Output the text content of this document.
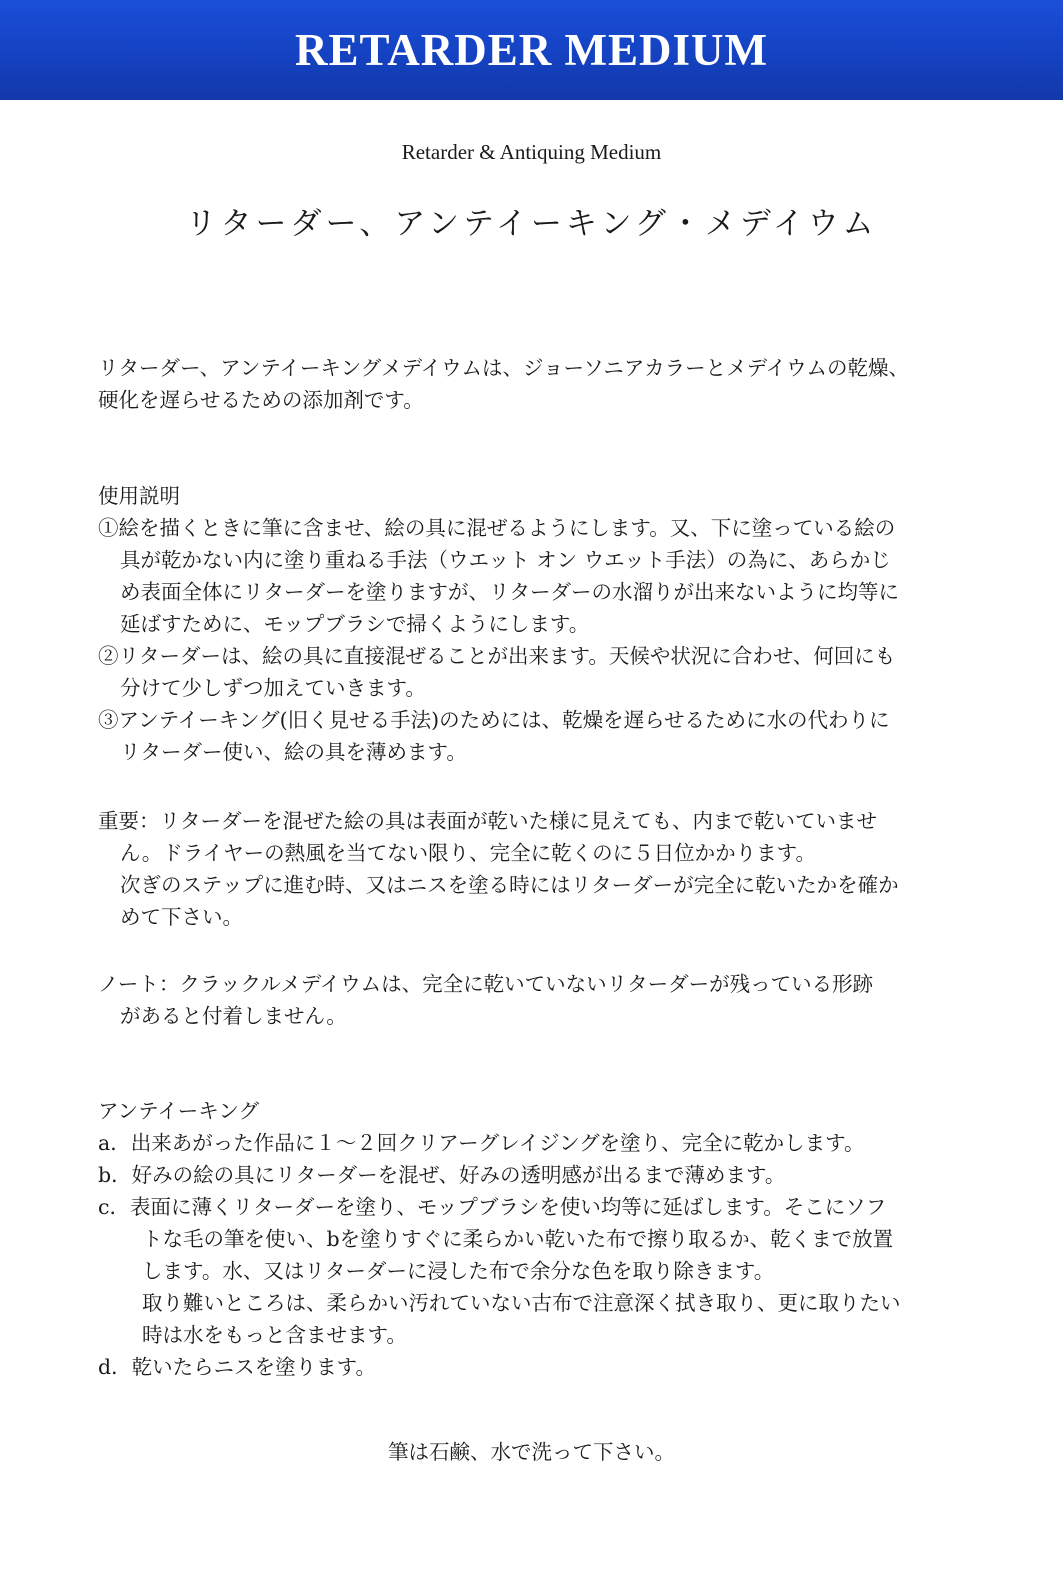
RETARDER MEDIUM
Retarder & Antiquing Medium
リターダー、アンテイーキング・メデイウム
リターダー、アンテイーキングメデイウムは、ジョーソニアカラーとメデイウムの乾燥、
硬化を遅らせるための添加剤です。
使用説明
①絵を描くときに筆に含ませ、絵の具に混ぜるようにします。又、下に塗っている絵の
具が乾かない内に塗り重ねる手法（ウエット オン ウエット手法）の為に、あらかじ
め表面全体にリターダーを塗りますが、リターダーの水溜りが出来ないように均等に
延ばすために、モップブラシで掃くようにします。
②リターダーは、絵の具に直接混ぜることが出来ます。天候や状況に合わせ、何回にも
分けて少しずつ加えていきます。
③アンテイーキング(旧く見せる手法)のためには、乾燥を遅らせるために水の代わりに
リターダー使い、絵の具を薄めます。
重要：リターダーを混ぜた絵の具は表面が乾いた様に見えても、内まで乾いていませ
ん。ドライヤーの熱風を当てない限り、完全に乾くのに５日位かかります。
次ぎのステップに進む時、又はニスを塗る時にはリターダーが完全に乾いたかを確か
めて下さい。
ノート：クラックルメデイウムは、完全に乾いていないリターダーが残っている形跡
があると付着しません。
アンテイーキング
a．出来あがった作品に１～２回クリアーグレイジングを塗り、完全に乾かします。
b．好みの絵の具にリターダーを混ぜ、好みの透明感が出るまで薄めます。
c．表面に薄くリターダーを塗り、モップブラシを使い均等に延ばします。そこにソフ
トな毛の筆を使い、bを塗りすぐに柔らかい乾いた布で擦り取るか、乾くまで放置
します。水、又はリターダーに浸した布で余分な色を取り除きます。
取り難いところは、柔らかい汚れていない古布で注意深く拭き取り、更に取りたい
時は水をもっと含ませます。
d．乾いたらニスを塗ります。
筆は石鹸、水で洗って下さい。
